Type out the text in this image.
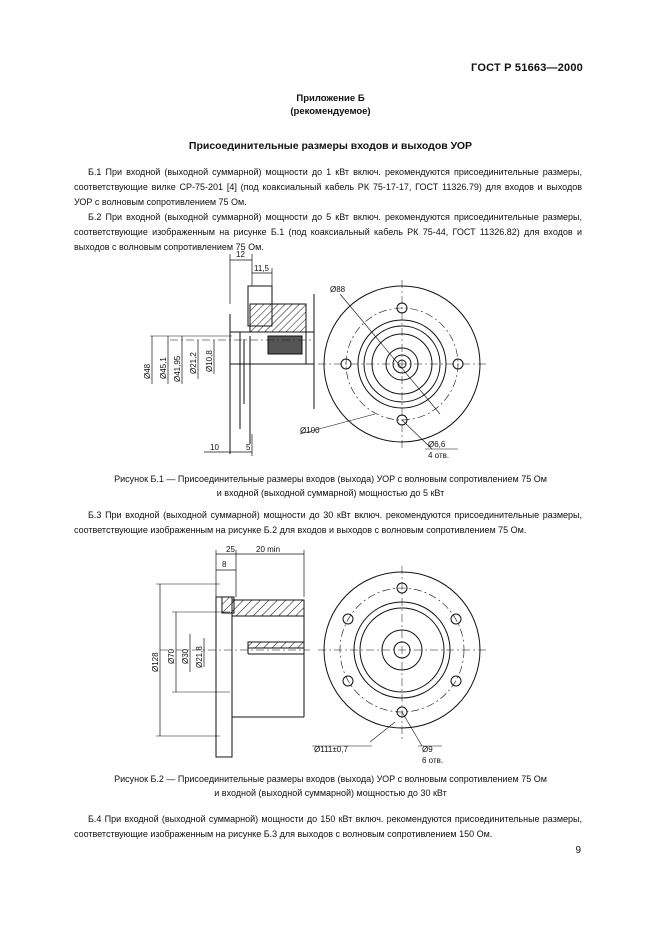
ГОСТ Р 51663—2000
Приложение Б
(рекомендуемое)
Присоединительные размеры входов и выходов УОР
Б.1 При входной (выходной суммарной) мощности до 1 кВт включ. рекомендуются присоединительные размеры, соответствующие вилке СР-75-201 [4] (под коаксиальный кабель РК 75-17-17, ГОСТ 11326.79) для входов и выходов УОР с волновым сопротивлением 75 Ом.
Б.2 При входной (выходной суммарной) мощности до 5 кВт включ. рекомендуются присоединительные размеры, соответствующие изображенным на рисунке Б.1 (под коаксиальный кабель РК 75-44, ГОСТ 11326.82) для входов и выходов с волновым сопротивлением 75 Ом.
12
11,5
Ø48 Ø45,1 Ø41,95 Ø21,2 Ø10,8
10	5
Ø88
Ø100
Ø6,6
4 отв.
Рисунок Б.1 — Присоединительные размеры входов (выхода) УОР с волновым сопротивлением 75 Ом
и входной (выходной суммарной) мощностью до 5 кВт
Б.3 При входной (выходной суммарной) мощности до 30 кВт включ. рекомендуются присоединительные размеры, соответствующие изображенным на рисунке Б.2 для входов и выходов с волновым сопротивлением 75 Ом.
25	20 min
8
Ø128 Ø70 Ø30 Ø21,8
Ø111±0,7	Ø9
6 отв.
Рисунок Б.2 — Присоединительные размеры входов (выхода) УОР с волновым сопротивлением 75 Ом
и входной (выходной суммарной) мощностью до 30 кВт
Б.4 При входной (выходной суммарной) мощности до 150 кВт включ. рекомендуются присоединительные размеры, соответствующие изображенным на рисунке Б.3 для выходов с волновым сопротивлением 150 Ом.
9
